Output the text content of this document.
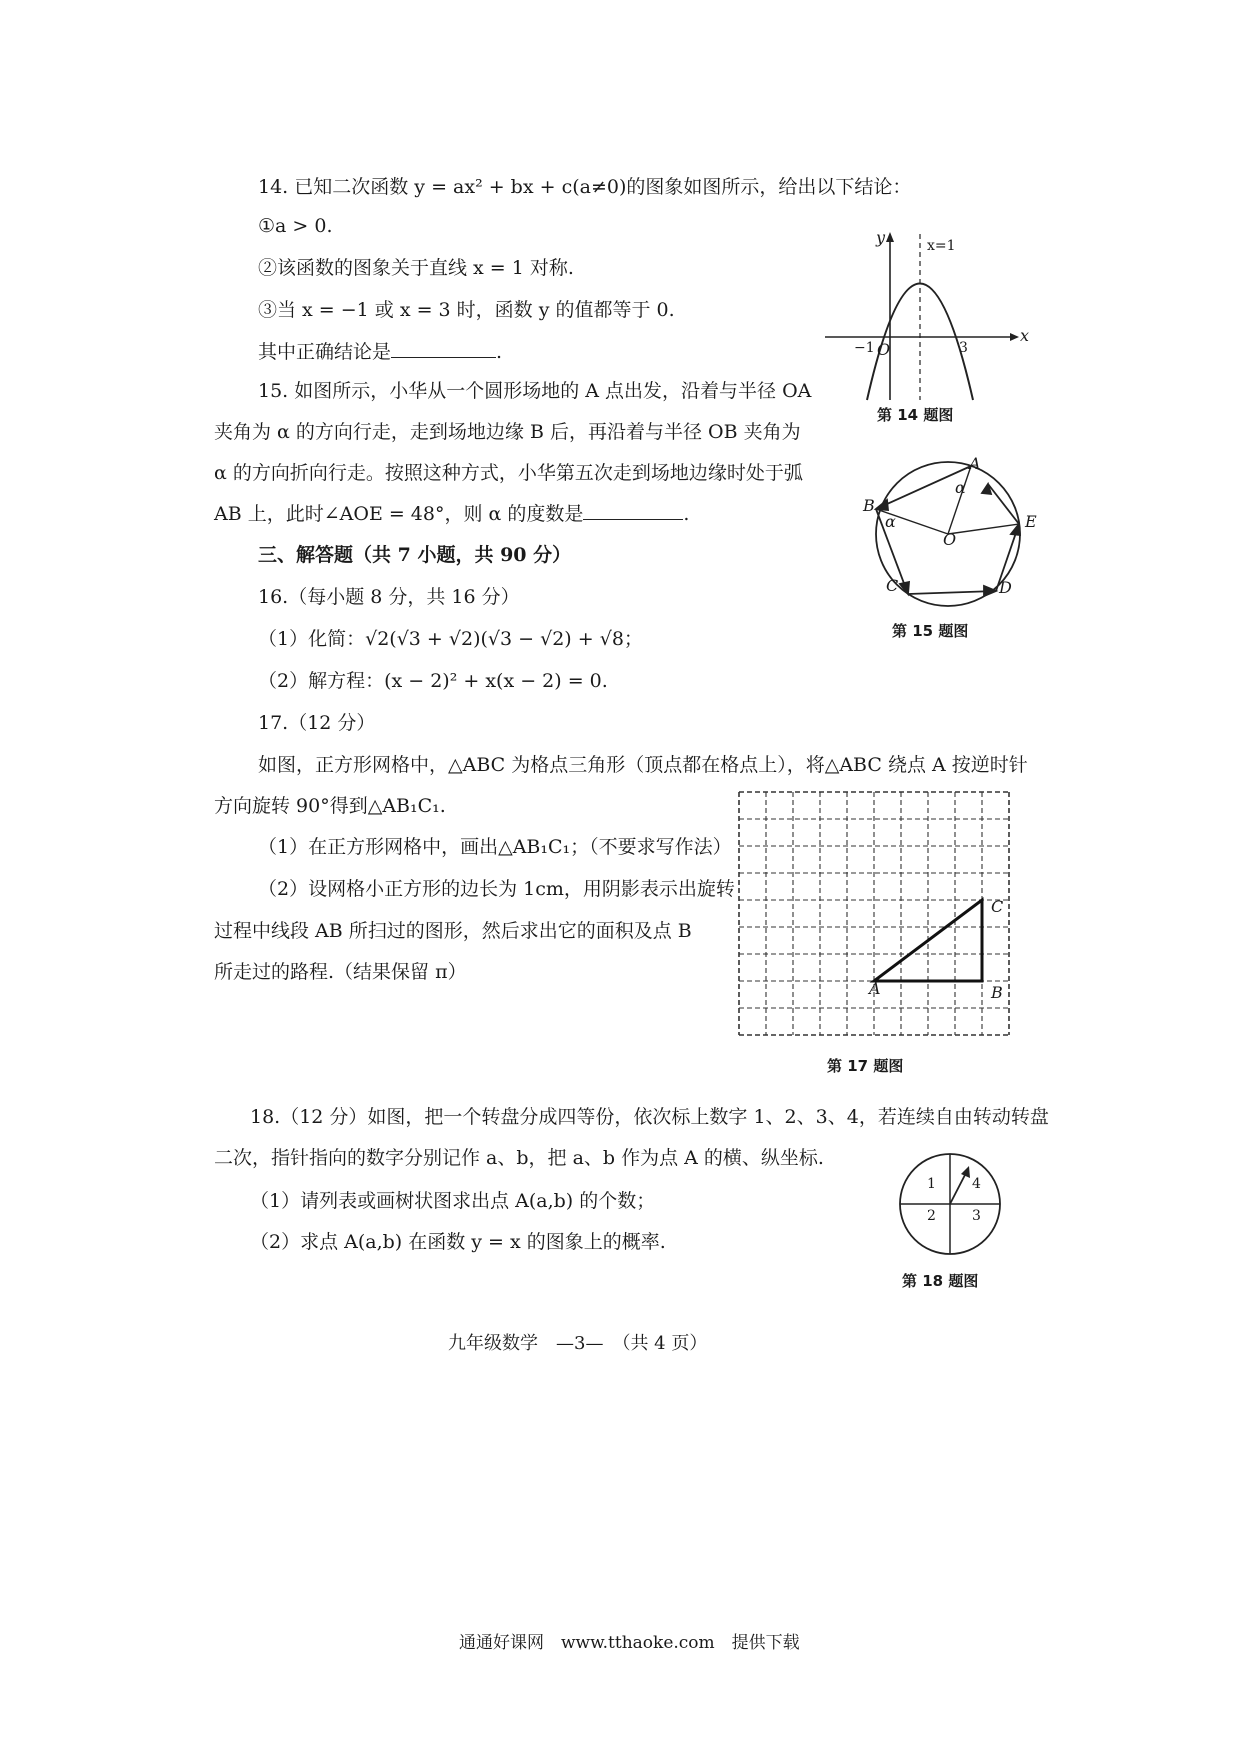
14. 已知二次函数 y = ax² + bx + c(a≠0)的图象如图所示，给出以下结论：
①a > 0.
②该函数的图象关于直线 x = 1 对称.
③当 x = −1 或 x = 3 时，函数 y 的值都等于 0.
其中正确结论是	.
y	x=1
x
−1 O	3
第 14 题图
15. 如图所示，小华从一个圆形场地的 A 点出发，沿着与半径 OA
夹角为 α 的方向行走，走到场地边缘 B 后，再沿着与半径 OB 夹角为
α 的方向折向行走。按照这种方式，小华第五次走到场地边缘时处于弧
AB 上，此时∠AOE = 48°，则 α 的度数是	.
A
B
C	D
E
O
α
α
第 15 题图
三、解答题（共 7 小题，共 90 分）
16.（每小题 8 分，共 16 分）
（1）化简：√2(√3 + √2)(√3 − √2) + √8；
（2）解方程：(x − 2)² + x(x − 2) = 0.
17.（12 分）
如图，正方形网格中，△ABC 为格点三角形（顶点都在格点上），将△ABC 绕点 A 按逆时针
方向旋转 90°得到△AB₁C₁.
（1）在正方形网格中，画出△AB₁C₁；（不要求写作法）
（2）设网格小正方形的边长为 1cm，用阴影表示出旋转
过程中线段 AB 所扫过的图形，然后求出它的面积及点 B
所走过的路程.（结果保留 π）
C
A	B
第 17 题图
18.（12 分）如图，把一个转盘分成四等份，依次标上数字 1、2、3、4，若连续自由转动转盘
二次，指针指向的数字分别记作 a、b，把 a、b 作为点 A 的横、纵坐标.
（1）请列表或画树状图求出点 A(a,b) 的个数；
（2）求点 A(a,b) 在函数 y = x 的图象上的概率.
1	4
2	3
第 18 题图
九年级数学　—3—　（共 4 页）
通通好课网　www.tthaoke.com　提供下载
